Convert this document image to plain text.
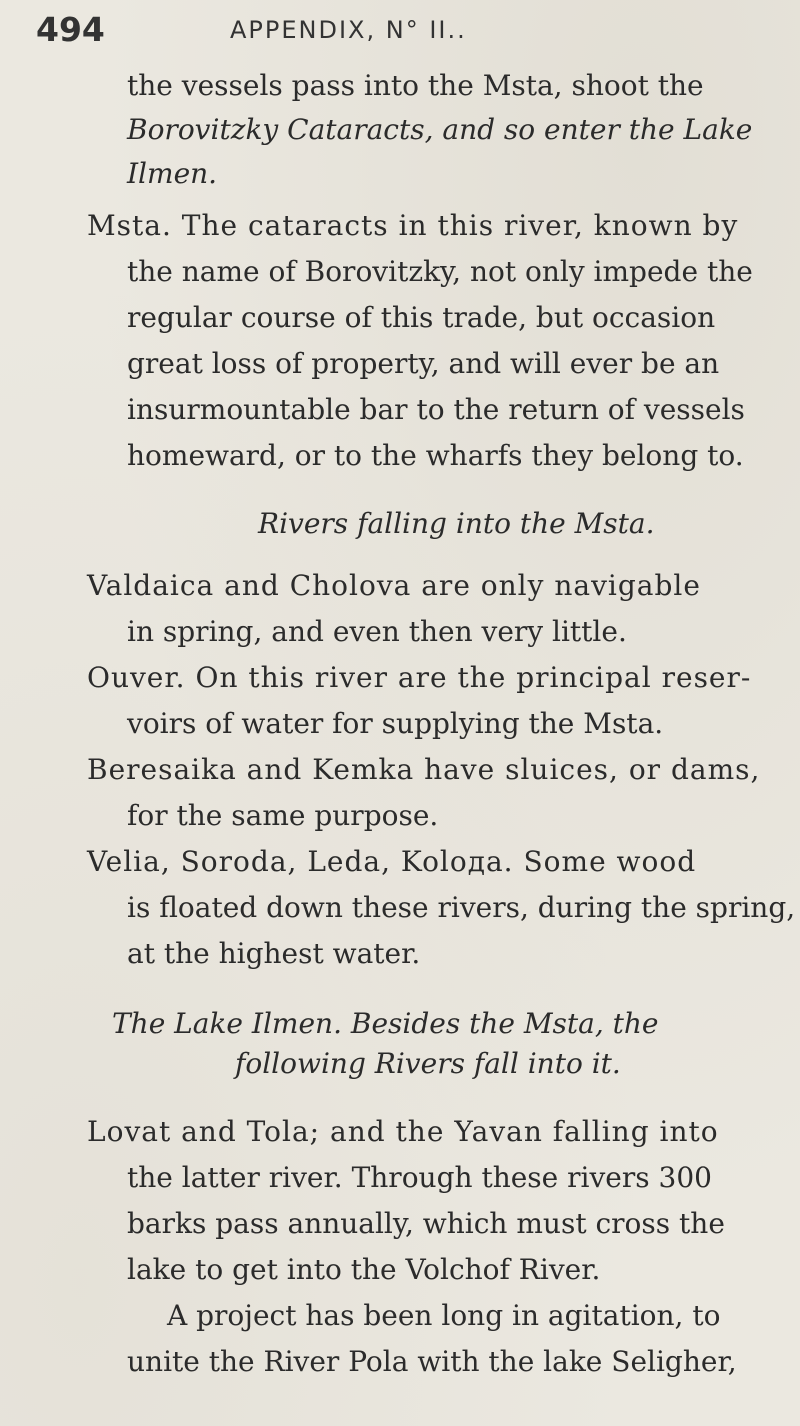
494	APPENDIX, N° II..
the vessels pass into the Msta, shoot the
Borovitzky Cataracts, and so enter the Lake
Ilmen.
Msta. The cataracts in this river, known by
the name of Borovitzky, not only impede the
regular course of this trade, but occasion
great loss of property, and will ever be an
insurmountable bar to the return of vessels
homeward, or to the wharfs they belong to.
Rivers falling into the Msta.
Valdaica and Cholova are only navigable
in spring, and even then very little.
Ouver. On this river are the principal reser-
voirs of water for supplying the Msta.
Beresaika and Kemka have sluices, or dams,
for the same purpose.
Velia, Soroda, Leda, Kolода. Some wood
is floated down these rivers, during the spring,
at the highest water.
The Lake Ilmen. Besides the Msta, the
following Rivers fall into it.
Lovat and Tola; and the Yavan falling into
the latter river. Through these rivers 300
barks pass annually, which must cross the
lake to get into the Volchof River.
A project has been long in agitation, to
unite the River Pola with the lake Seligher,
